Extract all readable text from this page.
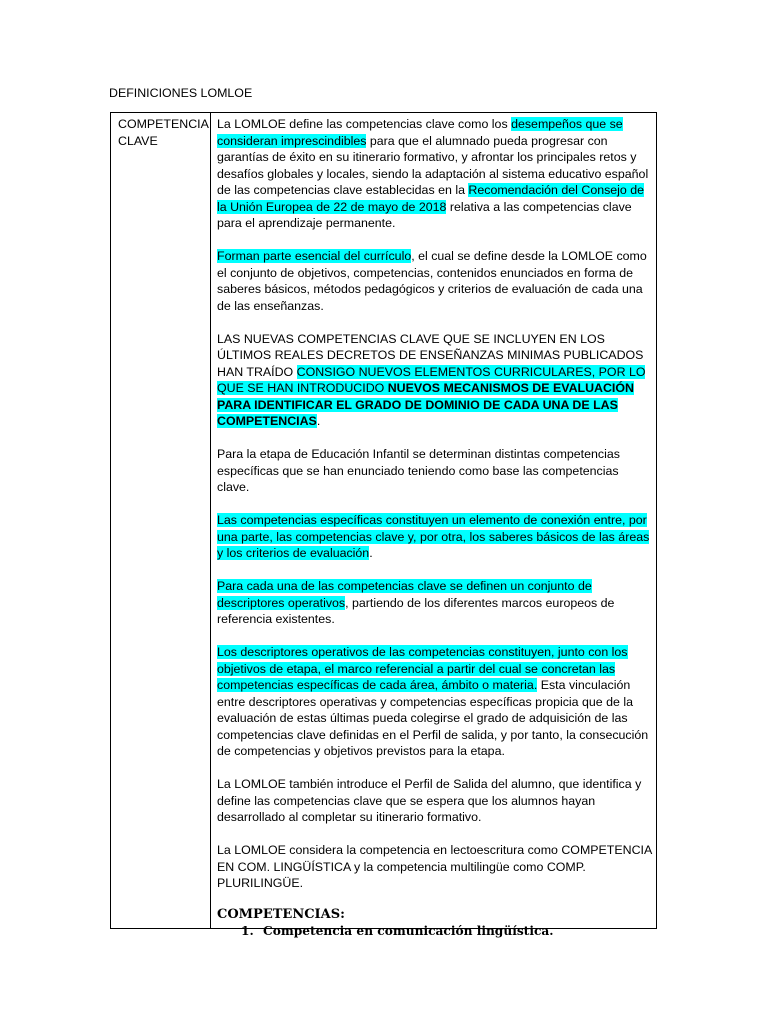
DEFINICIONES LOMLOE
COMPETENCIA CLAVE

La LOMLOE define las competencias clave como los desempeños que se consideran imprescindibles para que el alumnado pueda progresar con garantías de éxito en su itinerario formativo, y afrontar los principales retos y desafíos globales y locales, siendo la adaptación al sistema educativo español de las competencias clave establecidas en la Recomendación del Consejo de la Unión Europea de 22 de mayo de 2018 relativa a las competencias clave para el aprendizaje permanente.

Forman parte esencial del currículo, el cual se define desde la LOMLOE como el conjunto de objetivos, competencias, contenidos enunciados en forma de saberes básicos, métodos pedagógicos y criterios de evaluación de cada una de las enseñanzas.

LAS NUEVAS COMPETENCIAS CLAVE QUE SE INCLUYEN EN LOS ÚLTIMOS REALES DECRETOS DE ENSEÑANZAS MINIMAS PUBLICADOS HAN TRAÍDO CONSIGO NUEVOS ELEMENTOS CURRICULARES, POR LO QUE SE HAN INTRODUCIDO NUEVOS MECANISMOS DE EVALUACIÓN PARA IDENTIFICAR EL GRADO DE DOMINIO DE CADA UNA DE LAS COMPETENCIAS.

Para la etapa de Educación Infantil se determinan distintas competencias específicas que se han enunciado teniendo como base las competencias clave.

Las competencias específicas constituyen un elemento de conexión entre, por una parte, las competencias clave y, por otra, los saberes básicos de las áreas y los criterios de evaluación.

Para cada una de las competencias clave se definen un conjunto de descriptores operativos, partiendo de los diferentes marcos europeos de referencia existentes.

Los descriptores operativos de las competencias constituyen, junto con los objetivos de etapa, el marco referencial a partir del cual se concretan las competencias específicas de cada área, ámbito o materia. Esta vinculación entre descriptores operativas y competencias específicas propicia que de la evaluación de estas últimas pueda colegirse el grado de adquisición de las competencias clave definidas en el Perfil de salida, y por tanto, la consecución de competencias y objetivos previstos para la etapa.

La LOMLOE también introduce el Perfil de Salida del alumno, que identifica y define las competencias clave que se espera que los alumnos hayan desarrollado al completar su itinerario formativo.

La LOMLOE considera la competencia en lectoescritura como COMPETENCIA EN COM. LINGÜÍSTICA y la competencia multilingüe como COMP. PLURILINGÜE.

COMPETENCIAS:
1. Competencia en comunicación lingüística.
